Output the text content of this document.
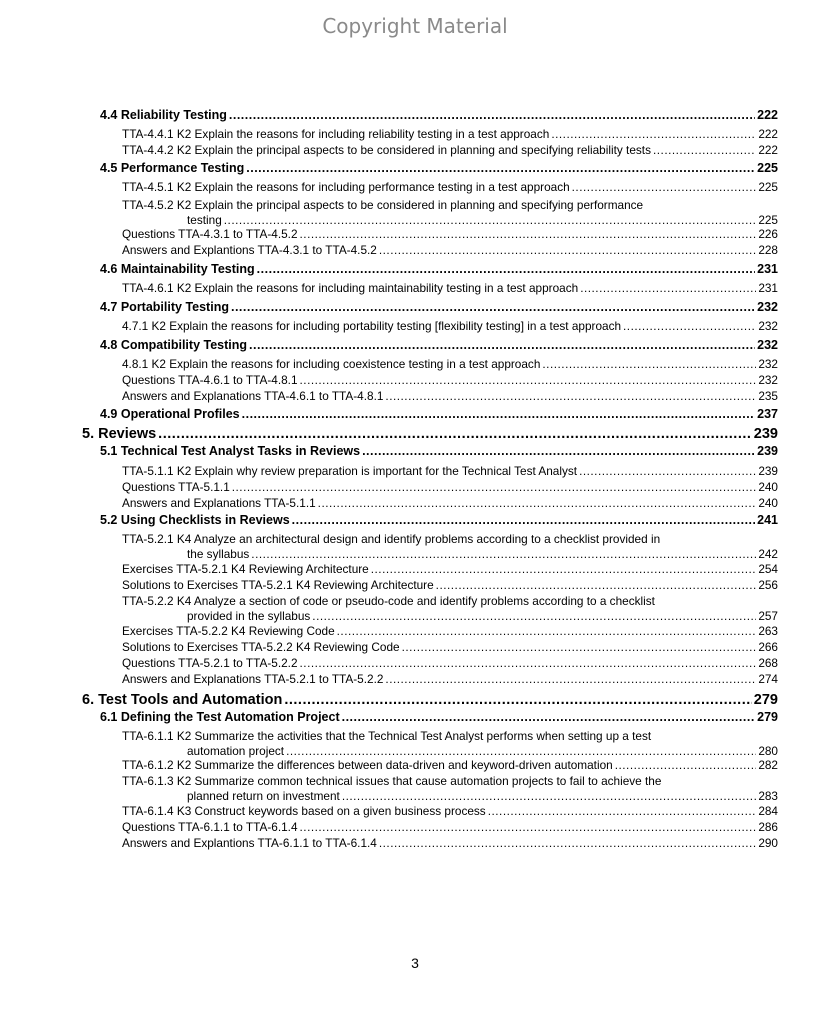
Copyright Material
4.4 Reliability Testing .....	222
TTA-4.4.1 K2 Explain the reasons for including reliability testing in a test approach .....	222
TTA-4.4.2 K2 Explain the principal aspects to be considered in planning and specifying reliability tests .....	222
4.5 Performance Testing .....	225
TTA-4.5.1 K2 Explain the reasons for including performance testing in a test approach .....	225
TTA-4.5.2 K2 Explain the principal aspects to be considered in planning and specifying performance
testing .....	225
Questions TTA-4.3.1 to TTA-4.5.2 .....	226
Answers and Explantions TTA-4.3.1 to TTA-4.5.2 .....	228
4.6 Maintainability Testing .....	231
TTA-4.6.1 K2 Explain the reasons for including maintainability testing in a test approach .....	231
4.7 Portability Testing .....	232
4.7.1 K2 Explain the reasons for including portability testing [flexibility testing] in a test approach .....	232
4.8 Compatibility Testing .....	232
4.8.1 K2 Explain the reasons for including coexistence testing in a test approach .....	232
Questions TTA-4.6.1 to TTA-4.8.1 .....	232
Answers and Explanations TTA-4.6.1 to TTA-4.8.1 .....	235
4.9 Operational Profiles .....	237
5. Reviews .....	239
5.1 Technical Test Analyst Tasks in Reviews .....	239
TTA-5.1.1 K2 Explain why review preparation is important for the Technical Test Analyst .....	239
Questions TTA-5.1.1 .....	240
Answers and Explanations TTA-5.1.1 .....	240
5.2 Using Checklists in Reviews .....	241
TTA-5.2.1 K4 Analyze an architectural design and identify problems according to a checklist provided in
the syllabus .....	242
Exercises TTA-5.2.1 K4 Reviewing Architecture .....	254
Solutions to Exercises TTA-5.2.1 K4 Reviewing Architecture .....	256
TTA-5.2.2 K4 Analyze a section of code or pseudo-code and identify problems according to a checklist
provided in the syllabus .....	257
Exercises TTA-5.2.2 K4 Reviewing Code .....	263
Solutions to Exercises TTA-5.2.2 K4 Reviewing Code .....	266
Questions TTA-5.2.1 to TTA-5.2.2 .....	268
Answers and Explanations TTA-5.2.1 to TTA-5.2.2 .....	274
6. Test Tools and Automation .....	279
6.1 Defining the Test Automation Project .....	279
TTA-6.1.1 K2 Summarize the activities that the Technical Test Analyst performs when setting up a test
automation project .....	280
TTA-6.1.2 K2 Summarize the differences between data-driven and keyword-driven automation .....	282
TTA-6.1.3 K2 Summarize common technical issues that cause automation projects to fail to achieve the
planned return on investment .....	283
TTA-6.1.4 K3 Construct keywords based on a given business process .....	284
Questions TTA-6.1.1 to TTA-6.1.4 .....	286
Answers and Explantions TTA-6.1.1 to TTA-6.1.4 .....	290
3
